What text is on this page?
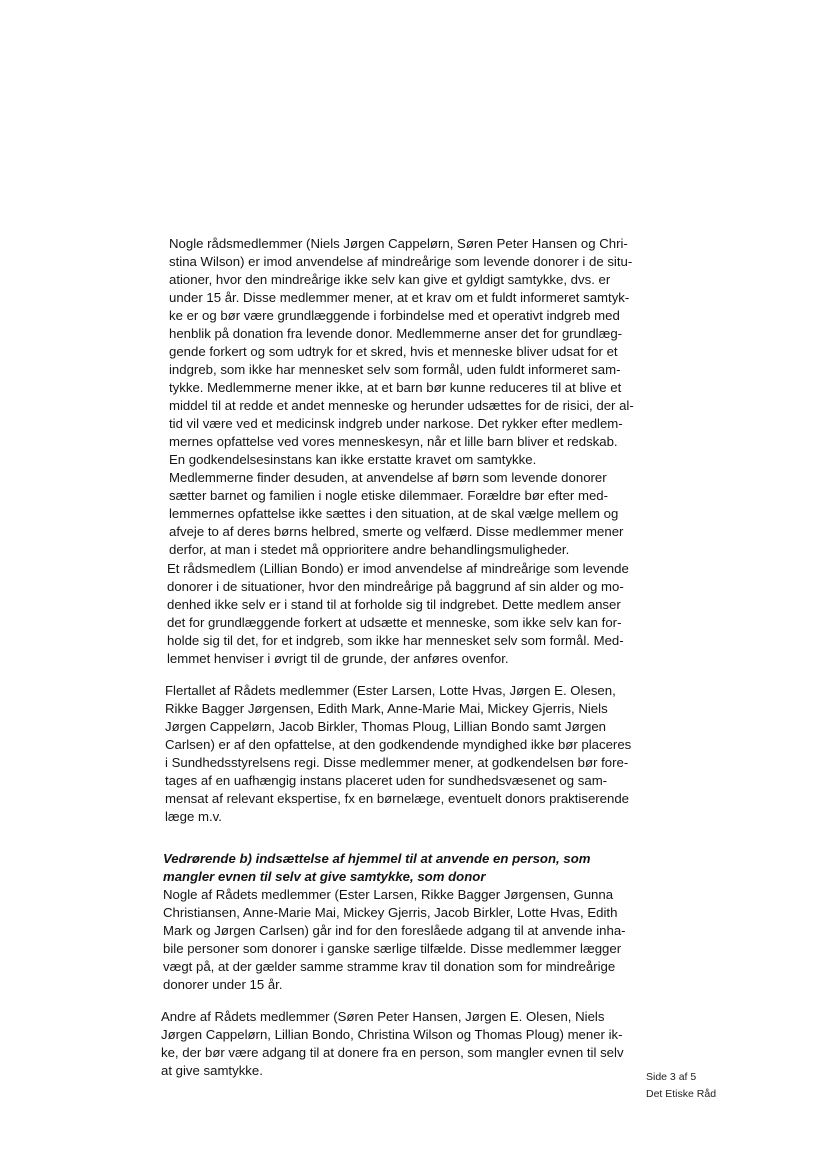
Nogle rådsmedlemmer (Niels Jørgen Cappelørn, Søren Peter Hansen og Chri-
stina Wilson) er imod anvendelse af mindreårige som levende donorer i de situ-
ationer, hvor den mindreårige ikke selv kan give et gyldigt samtykke, dvs. er
under 15 år. Disse medlemmer mener, at et krav om et fuldt informeret samtyk-
ke er og bør være grundlæggende i forbindelse med et operativt indgreb med
henblik på donation fra levende donor. Medlemmerne anser det for grundlæg-
gende forkert og som udtryk for et skred, hvis et menneske bliver udsat for et
indgreb, som ikke har mennesket selv som formål, uden fuldt informeret sam-
tykke. Medlemmerne mener ikke, at et barn bør kunne reduceres til at blive et
middel til at redde et andet menneske og herunder udsættes for de risici, der al-
tid vil være ved et medicinsk indgreb under narkose. Det rykker efter medlem-
mernes opfattelse ved vores menneskesyn, når et lille barn bliver et redskab.
En godkendelsesinstans kan ikke erstatte kravet om samtykke.
Medlemmerne finder desuden, at anvendelse af børn som levende donorer
sætter barnet og familien i nogle etiske dilemmaer. Forældre bør efter med-
lemmernes opfattelse ikke sættes i den situation, at de skal vælge mellem og
afveje to af deres børns helbred, smerte og velfærd. Disse medlemmer mener
derfor, at man i stedet må opprioritere andre behandlingsmuligheder.
Et rådsmedlem (Lillian Bondo) er imod anvendelse af mindreårige som levende
donorer i de situationer, hvor den mindreårige på baggrund af sin alder og mo-
denhed ikke selv er i stand til at forholde sig til indgrebet. Dette medlem anser
det for grundlæggende forkert at udsætte et menneske, som ikke selv kan for-
holde sig til det, for et indgreb, som ikke har mennesket selv som formål. Med-
lemmet henviser i øvrigt til de grunde, der anføres ovenfor.
Flertallet af Rådets medlemmer (Ester Larsen, Lotte Hvas, Jørgen E. Olesen,
Rikke Bagger Jørgensen, Edith Mark, Anne-Marie Mai, Mickey Gjerris, Niels
Jørgen Cappelørn, Jacob Birkler, Thomas Ploug, Lillian Bondo samt Jørgen
Carlsen) er af den opfattelse, at den godkendende myndighed ikke bør placeres
i Sundhedsstyrelsens regi. Disse medlemmer mener, at godkendelsen bør fore-
tages af en uafhængig instans placeret uden for sundhedsvæsenet og sam-
mensat af relevant ekspertise, fx en børnelæge, eventuelt donors praktiserende
læge m.v.
Vedrørende b) indsættelse af hjemmel til at anvende en person, som
mangler evnen til selv at give samtykke, som donor
Nogle af Rådets medlemmer (Ester Larsen, Rikke Bagger Jørgensen, Gunna
Christiansen, Anne-Marie Mai, Mickey Gjerris, Jacob Birkler, Lotte Hvas, Edith
Mark og Jørgen Carlsen) går ind for den foreslåede adgang til at anvende inha-
bile personer som donorer i ganske særlige tilfælde. Disse medlemmer lægger
vægt på, at der gælder samme stramme krav til donation som for mindreårige
donorer under 15 år.
Andre af Rådets medlemmer (Søren Peter Hansen, Jørgen E. Olesen, Niels
Jørgen Cappelørn, Lillian Bondo, Christina Wilson og Thomas Ploug) mener ik-
ke, der bør være adgang til at donere fra en person, som mangler evnen til selv
at give samtykke.	Side 3 af 5
Det Etiske Råd
